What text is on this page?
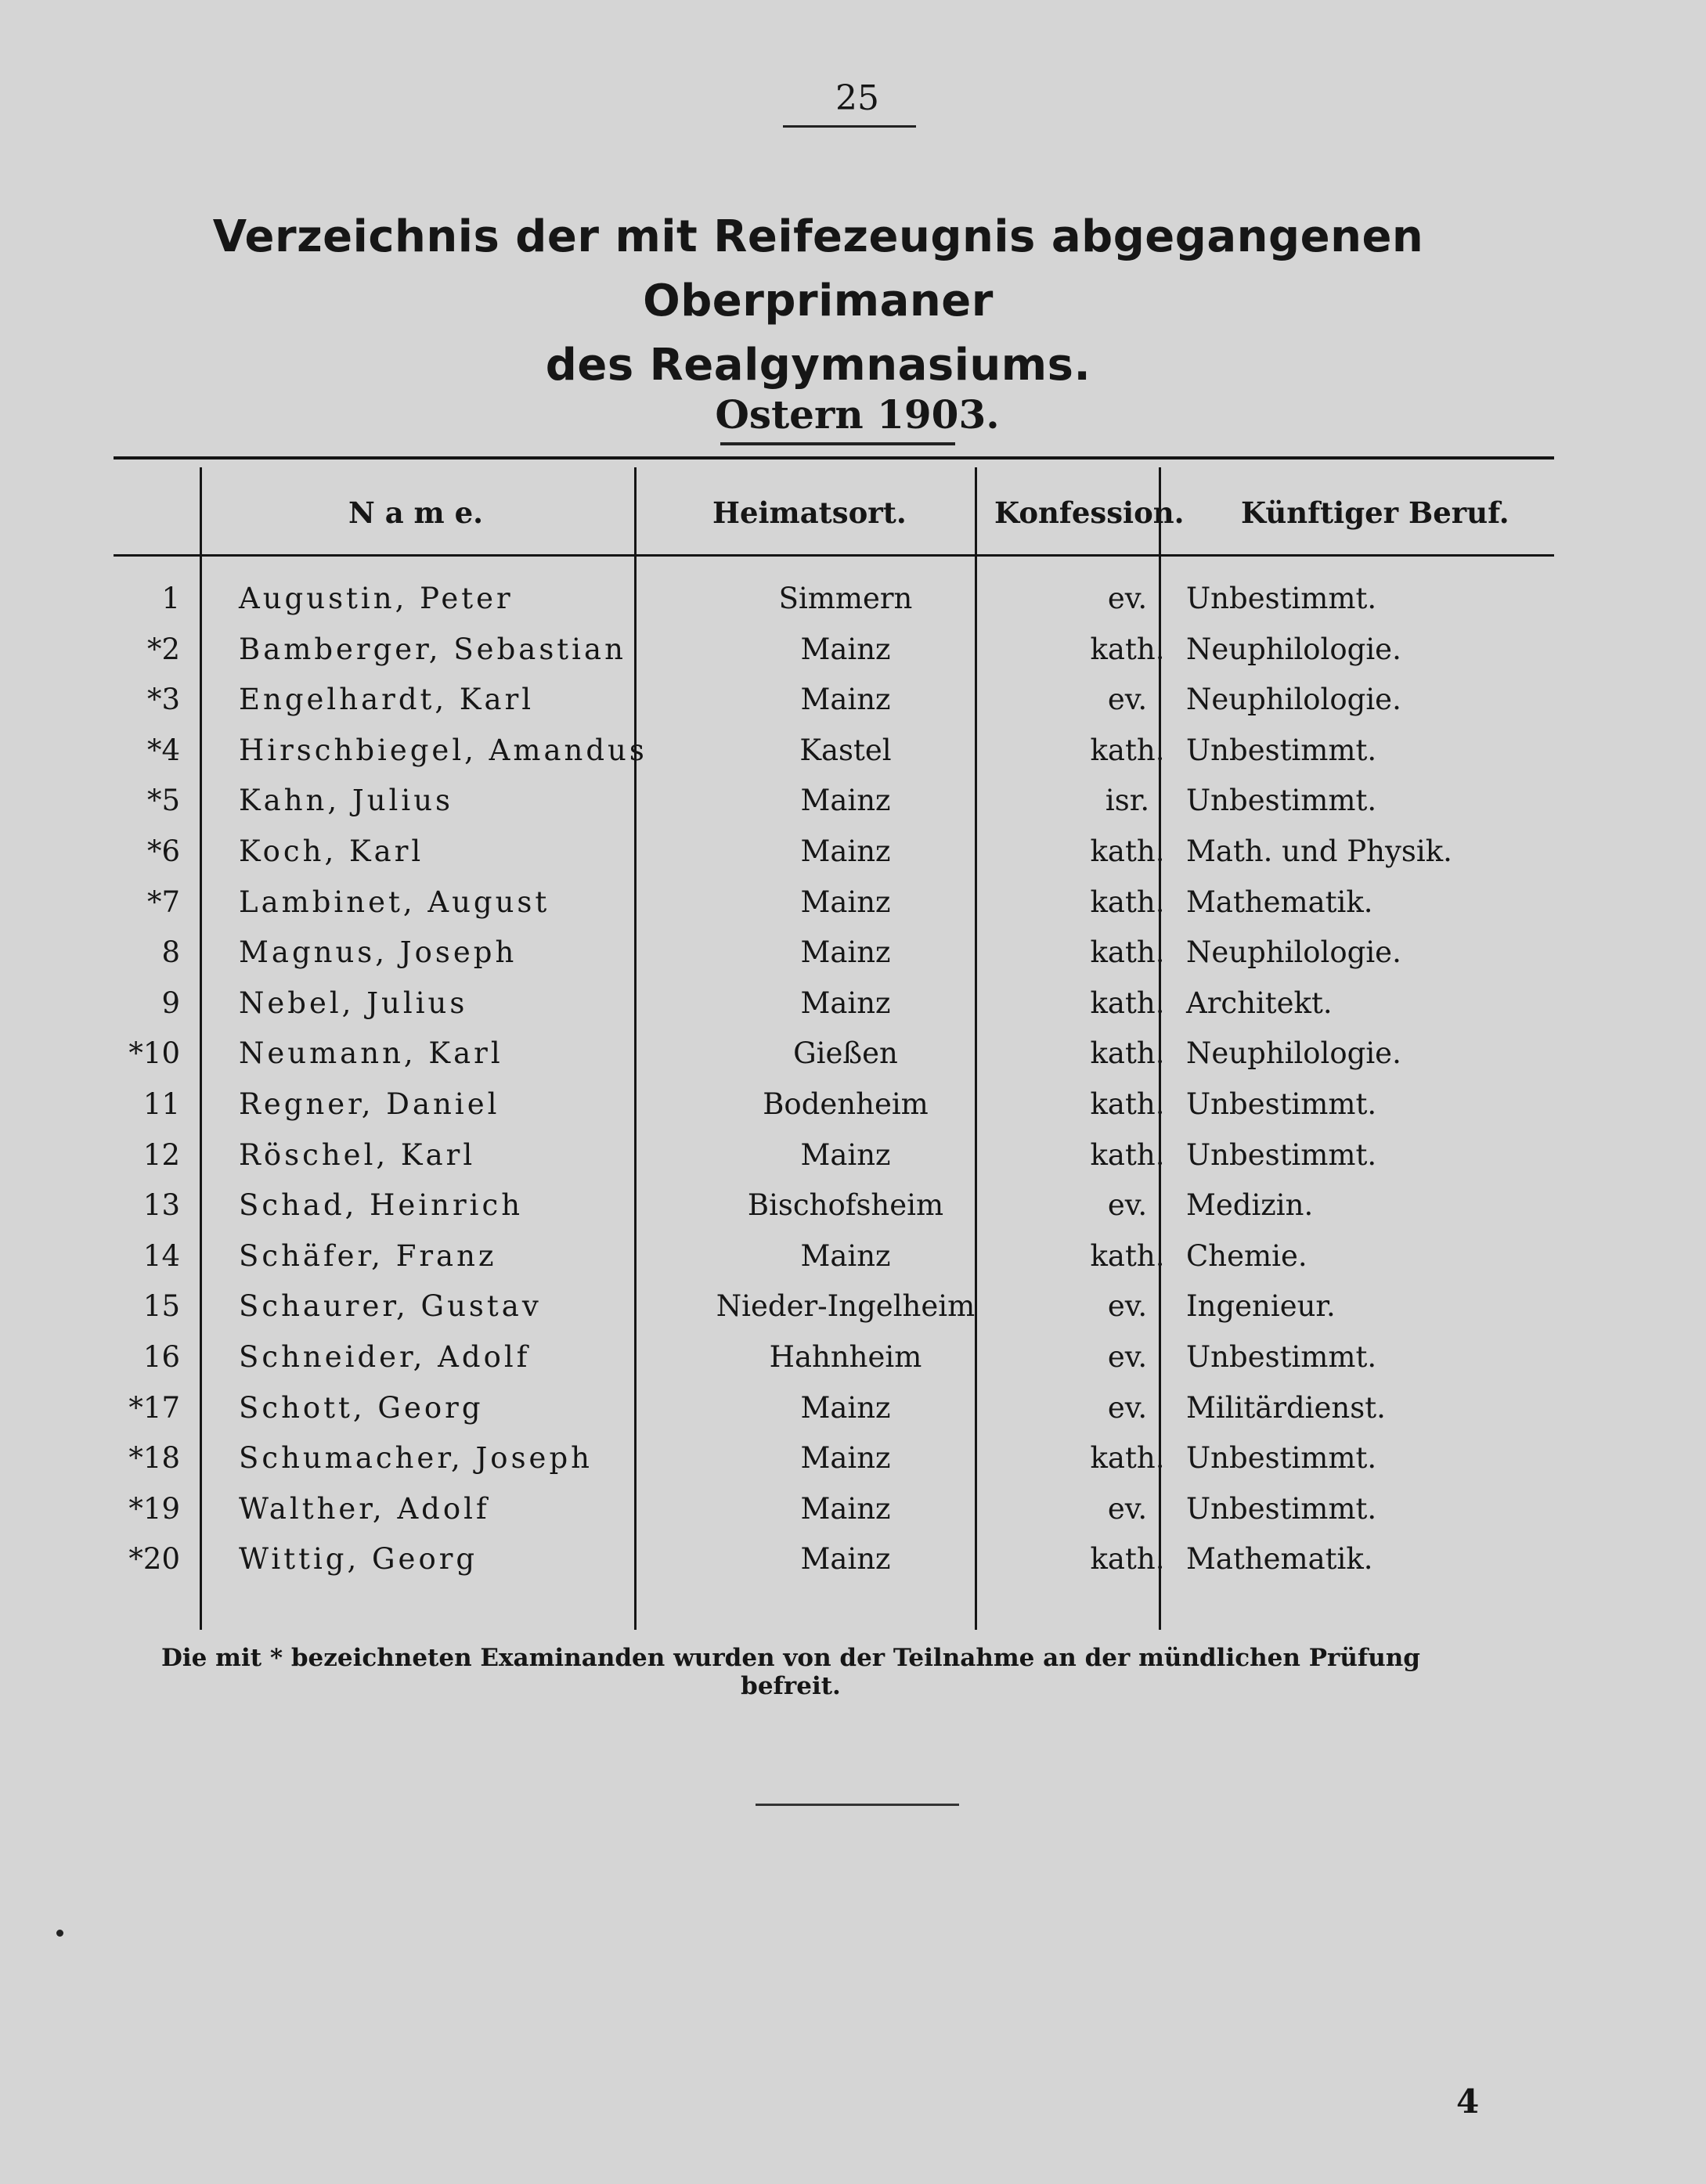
25
Verzeichnis der mit Reifezeugnis abgegangenen Oberprimaner
des Realgymnasiums.
Ostern 1903.
N a m e.	Heimatsort.	Konfession. Künftiger Beruf.
1 Augustin, Peter	Simmern	ev.	Unbestimmt.
*2 Bamberger, Sebastian	Mainz	kath. Neuphilologie.
*3 Engelhardt, Karl	Mainz	ev.	Neuphilologie.
*4 Hirschbiegel, Amandus	Kastel	kath. Unbestimmt.
*5 Kahn, Julius	Mainz	isr.	Unbestimmt.
*6 Koch, Karl	Mainz	kath. Math. und Physik.
*7 Lambinet, August	Mainz	kath. Mathematik.
8 Magnus, Joseph	Mainz	kath. Neuphilologie.
9 Nebel, Julius	Mainz	kath. Architekt.
*10 Neumann, Karl	Gießen	kath. Neuphilologie.
11 Regner, Daniel	Bodenheim	kath. Unbestimmt.
12 Röschel, Karl	Mainz	kath. Unbestimmt.
13 Schad, Heinrich	Bischofsheim	ev.	Medizin.
14 Schäfer, Franz	Mainz	kath. Chemie.
15 Schaurer, Gustav	Nieder-Ingelheim	ev.	Ingenieur.
16 Schneider, Adolf	Hahnheim	ev.	Unbestimmt.
*17 Schott, Georg	Mainz	ev.	Militärdienst.
*18 Schumacher, Joseph	Mainz	kath. Unbestimmt.
*19 Walther, Adolf	Mainz	ev.	Unbestimmt.
*20 Wittig, Georg	Mainz	kath. Mathematik.
Die mit * bezeichneten Examinanden wurden von der Teilnahme an der mündlichen Prüfung befreit.
4
